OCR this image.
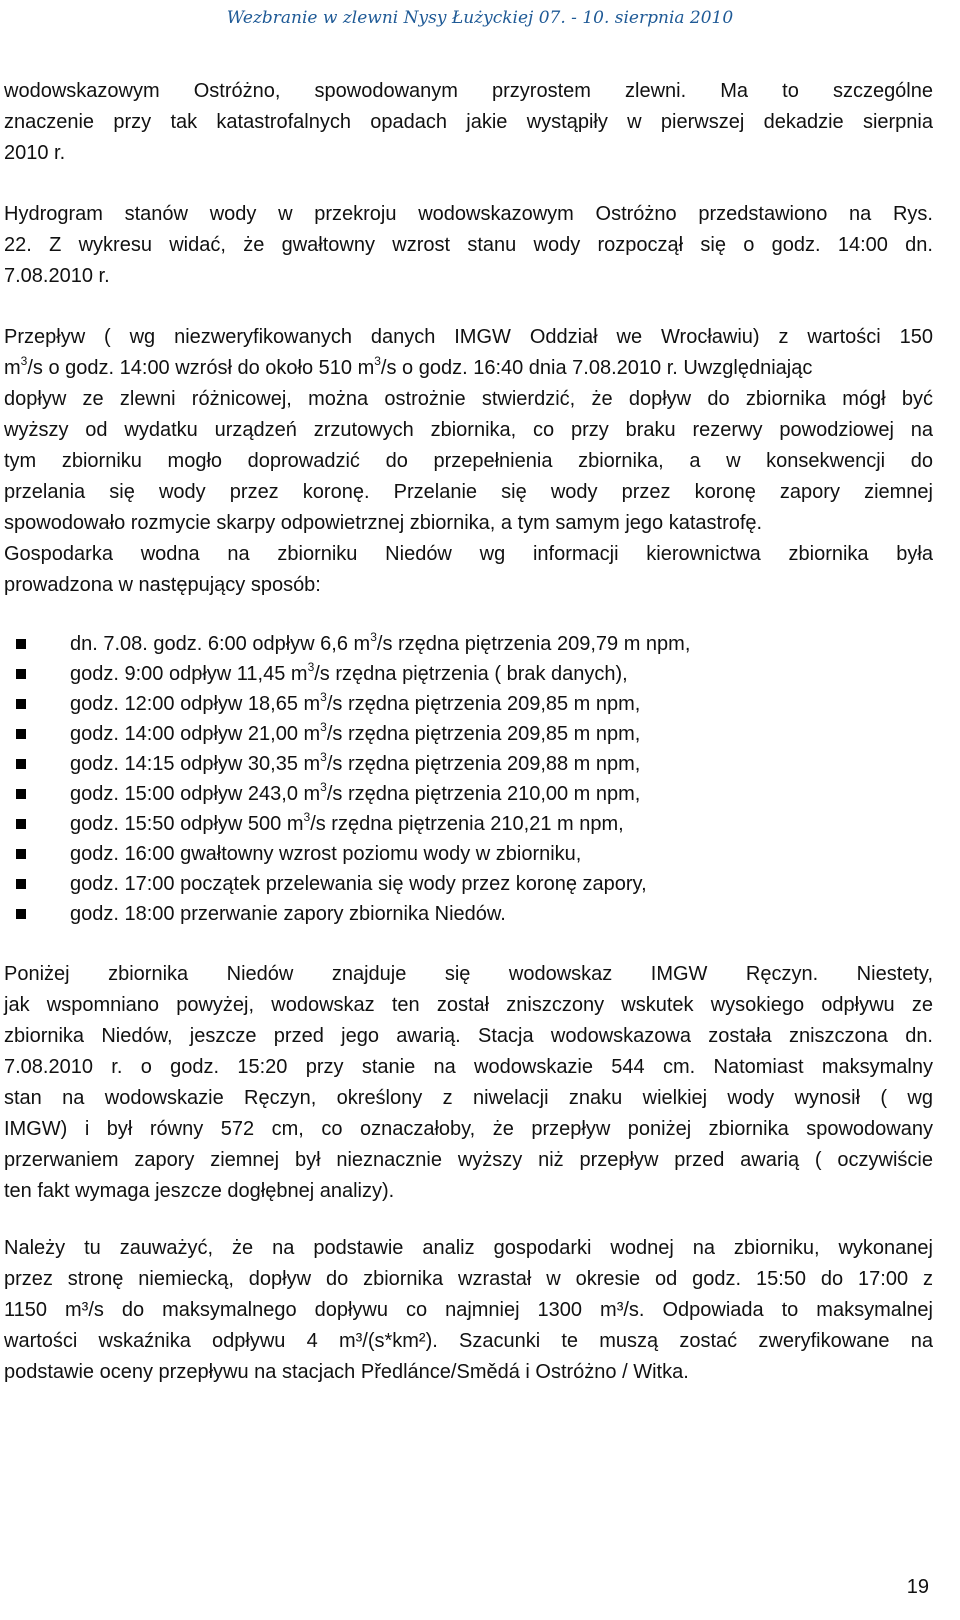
Wezbranie w zlewni Nysy Łużyckiej 07. - 10. sierpnia 2010
wodowskazowym Ostróżno, spowodowanym przyrostem zlewni. Ma to szczególne
znaczenie przy tak katastrofalnych opadach jakie wystąpiły w pierwszej dekadzie sierpnia
2010 r.
Hydrogram stanów wody w przekroju wodowskazowym Ostróżno przedstawiono na Rys.
22. Z wykresu widać, że gwałtowny wzrost stanu wody rozpoczął się o godz. 14:00 dn.
7.08.2010 r.
Przepływ ( wg niezweryfikowanych danych IMGW Oddział we Wrocławiu) z wartości 150
$m^3/s$ o godz. 14:00 wzrósł do około 510 $m^3/s$ o godz. 16:40 dnia 7.08.2010 r. Uwzględniając
dopływ ze zlewni różnicowej, można ostrożnie stwierdzić, że dopływ do zbiornika mógł być
wyższy od wydatku urządzeń zrzutowych zbiornika, co przy braku rezerwy powodziowej na
tym zbiorniku mogło doprowadzić do przepełnienia zbiornika, a w konsekwencji do
przelania się wody przez koronę. Przelanie się wody przez koronę zapory ziemnej
spowodowało rozmycie skarpy odpowietrznej zbiornika, a tym samym jego katastrofę.
Gospodarka wodna na zbiorniku Niedów wg informacji kierownictwa zbiornika była
prowadzona w następujący sposób:
dn. 7.08. godz. 6:00 odpływ 6,6 $m^3/s$ rzędna piętrzenia 209,79 m npm,
godz. 9:00 odpływ 11,45 $m^3/s$ rzędna piętrzenia ( brak danych),
godz. 12:00 odpływ 18,65 $m^3/s$ rzędna piętrzenia 209,85 m npm,
godz. 14:00 odpływ 21,00 $m^3/s$ rzędna piętrzenia 209,85 m npm,
godz. 14:15 odpływ 30,35 $m^3/s$ rzędna piętrzenia 209,88 m npm,
godz. 15:00 odpływ 243,0 $m^3/s$ rzędna piętrzenia 210,00 m npm,
godz. 15:50 odpływ 500 $m^3/s$ rzędna piętrzenia 210,21 m npm,
godz. 16:00 gwałtowny wzrost poziomu wody w zbiorniku,
godz. 17:00 początek przelewania się wody przez koronę zapory,
godz. 18:00 przerwanie zapory zbiornika Niedów.
Poniżej zbiornika Niedów znajduje się wodowskaz IMGW Ręczyn. Niestety,
jak wspomniano powyżej, wodowskaz ten został zniszczony wskutek wysokiego odpływu ze
zbiornika Niedów, jeszcze przed jego awarią. Stacja wodowskazowa została zniszczona dn.
7.08.2010 r. o godz. 15:20 przy stanie na wodowskazie 544 cm. Natomiast maksymalny
stan na wodowskazie Ręczyn, określony z niwelacji znaku wielkiej wody wynosił ( wg
IMGW) i był równy 572 cm, co oznaczałoby, że przepływ poniżej zbiornika spowodowany
przerwaniem zapory ziemnej był nieznacznie wyższy niż przepływ przed awarią ( oczywiście
ten fakt wymaga jeszcze dogłębnej analizy).
Należy tu zauważyć, że na podstawie analiz gospodarki wodnej na zbiorniku, wykonanej
przez stronę niemiecką, dopływ do zbiornika wzrastał w okresie od godz. 15:50 do 17:00 z
1150 m³/s do maksymalnego dopływu co najmniej 1300 m³/s. Odpowiada to maksymalnej
wartości wskaźnika odpływu 4 m³/(s*km²). Szacunki te muszą zostać zweryfikowane na
podstawie oceny przepływu na stacjach Předlánce/Smědá i Ostróżno / Witka.
19
